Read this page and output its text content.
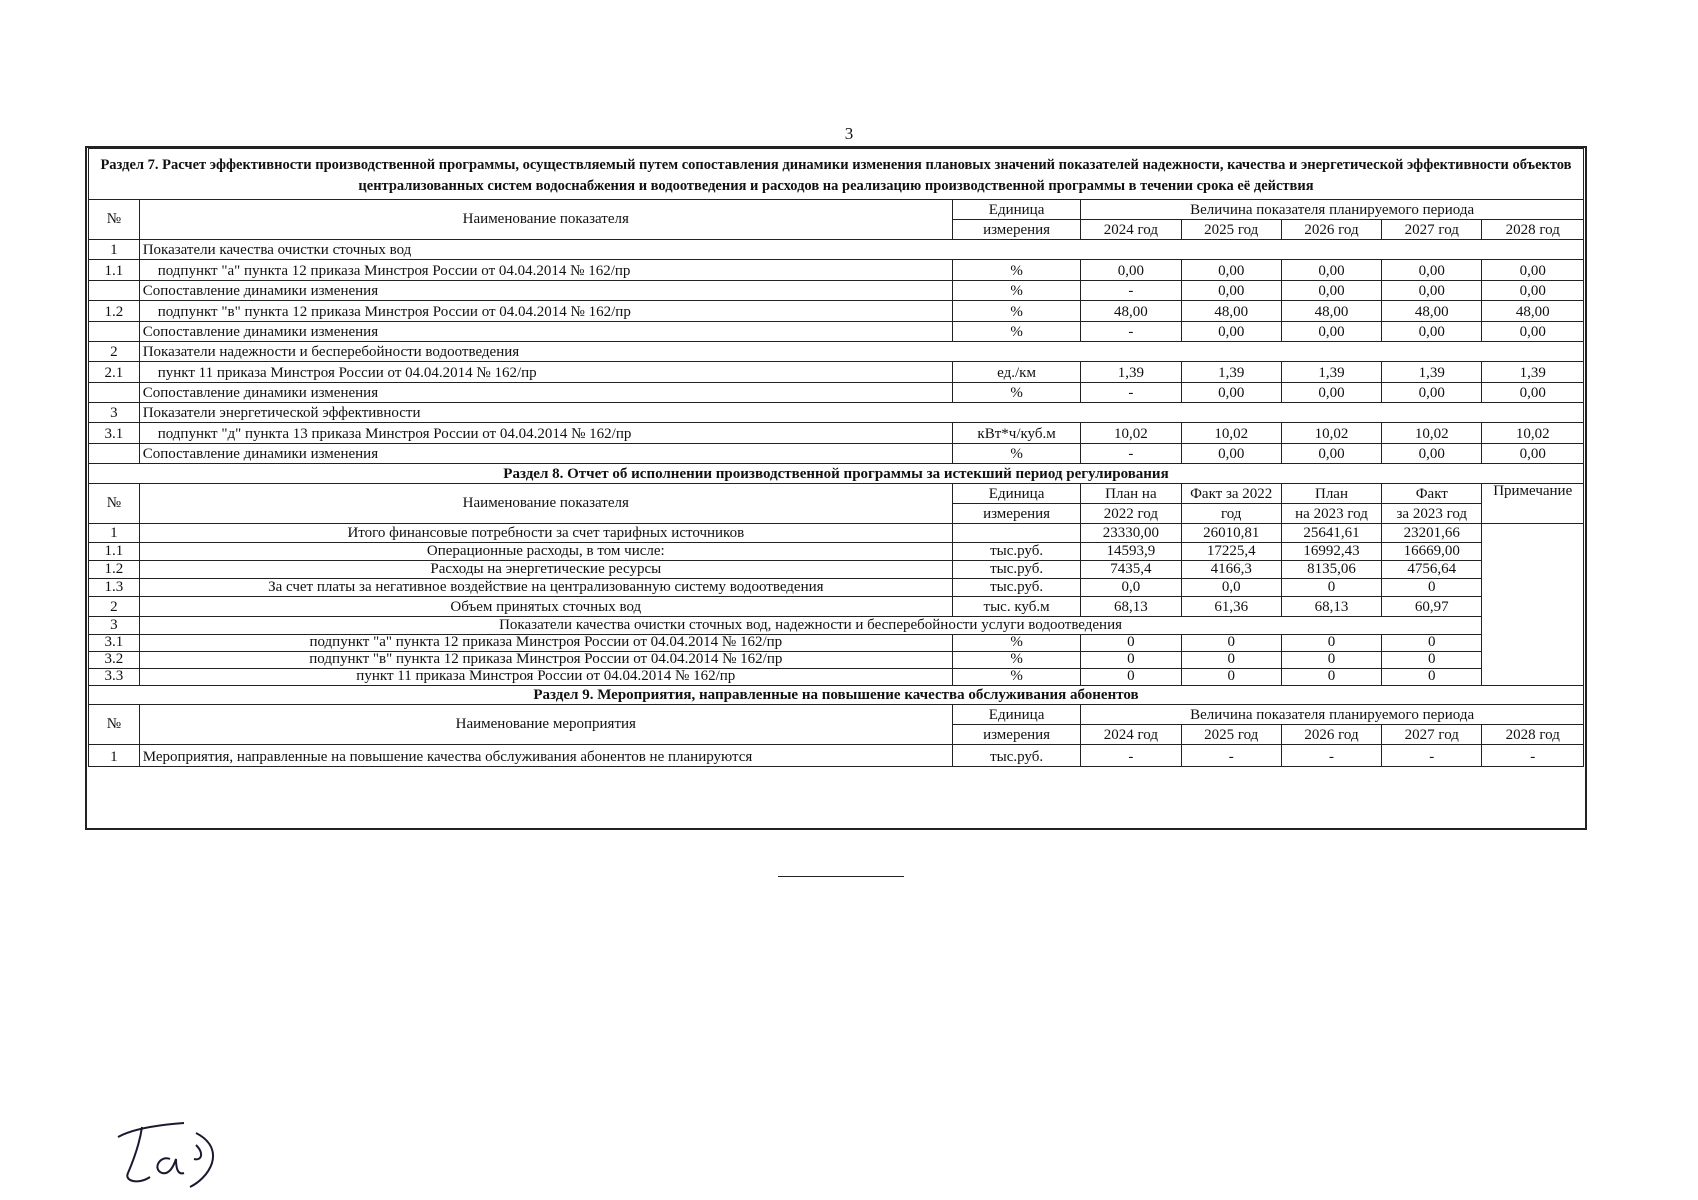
3
Раздел 7. Расчет эффективности производственной программы, осуществляемый путем сопоставления динамики изменения плановых значений показателей надежности, качества и энергетической эффективности объектов централизованных систем водоснабжения и водоотведения и расходов на реализацию производственной программы в течении срока её действия							
№	Наименование показателя	Единица	Величина показателя планируемого периода				
		измерения	2024 год	2025 год	2026 год	2027 год	2028 год
1	Показатели качества очистки сточных вод						
1.1	подпункт "а" пункта 12 приказа Минстроя России от 04.04.2014 № 162/пр	%	0,00	0,00	0,00	0,00	0,00
	Сопоставление динамики изменения	%	-	0,00	0,00	0,00	0,00
1.2	подпункт "в" пункта 12 приказа Минстроя России от 04.04.2014 № 162/пр	%	48,00	48,00	48,00	48,00	48,00
	Сопоставление динамики изменения	%	-	0,00	0,00	0,00	0,00
2	Показатели надежности и бесперебойности водоотведения						
2.1	пункт 11 приказа Минстроя России от 04.04.2014 № 162/пр	ед./км	1,39	1,39	1,39	1,39	1,39
	Сопоставление динамики изменения	%	-	0,00	0,00	0,00	0,00
3	Показатели энергетической эффективности						
3.1	подпункт "д" пункта 13 приказа Минстроя России от 04.04.2014 № 162/пр	кВт*ч/куб.м	10,02	10,02	10,02	10,02	10,02
	Сопоставление динамики изменения	%	-	0,00	0,00	0,00	0,00
Раздел 8. Отчет об исполнении производственной программы за истекший период регулирования							
№	Наименование показателя	Единица	План на	Факт за 2022	План	Факт	Примечание
		измерения	2022 год	год	на 2023 год	за 2023 год	
1	Итого финансовые потребности за счет тарифных источников		23330,00	26010,81	25641,61	23201,66	
1.1	Операционные расходы, в том числе:	тыс.руб.	14593,9	17225,4	16992,43	16669,00	
1.2	Расходы на энергетические ресурсы	тыс.руб.	7435,4	4166,3	8135,06	4756,64	
1.3	За счет платы за негативное воздействие на централизованную систему водоотведения	тыс.руб.	0,0	0,0	0	0	
2	Объем принятых сточных вод	тыс. куб.м	68,13	61,36	68,13	60,97	
3	Показатели качества очистки сточных вод, надежности и бесперебойности услуги водоотведения						
3.1	подпункт "а" пункта 12 приказа Минстроя России от 04.04.2014 № 162/пр	%	0	0	0	0	
3.2	подпункт "в" пункта 12 приказа Минстроя России от 04.04.2014 № 162/пр	%	0	0	0	0	
3.3	пункт 11 приказа Минстроя России от 04.04.2014 № 162/пр	%	0	0	0	0	
Раздел 9. Мероприятия, направленные на повышение качества обслуживания абонентов							
№	Наименование мероприятия	Единица	Величина показателя планируемого периода				
		измерения	2024 год	2025 год	2026 год	2027 год	2028 год
1	Мероприятия, направленные на повышение качества обслуживания абонентов не планируются	тыс.руб.	-	-	-	-	-
